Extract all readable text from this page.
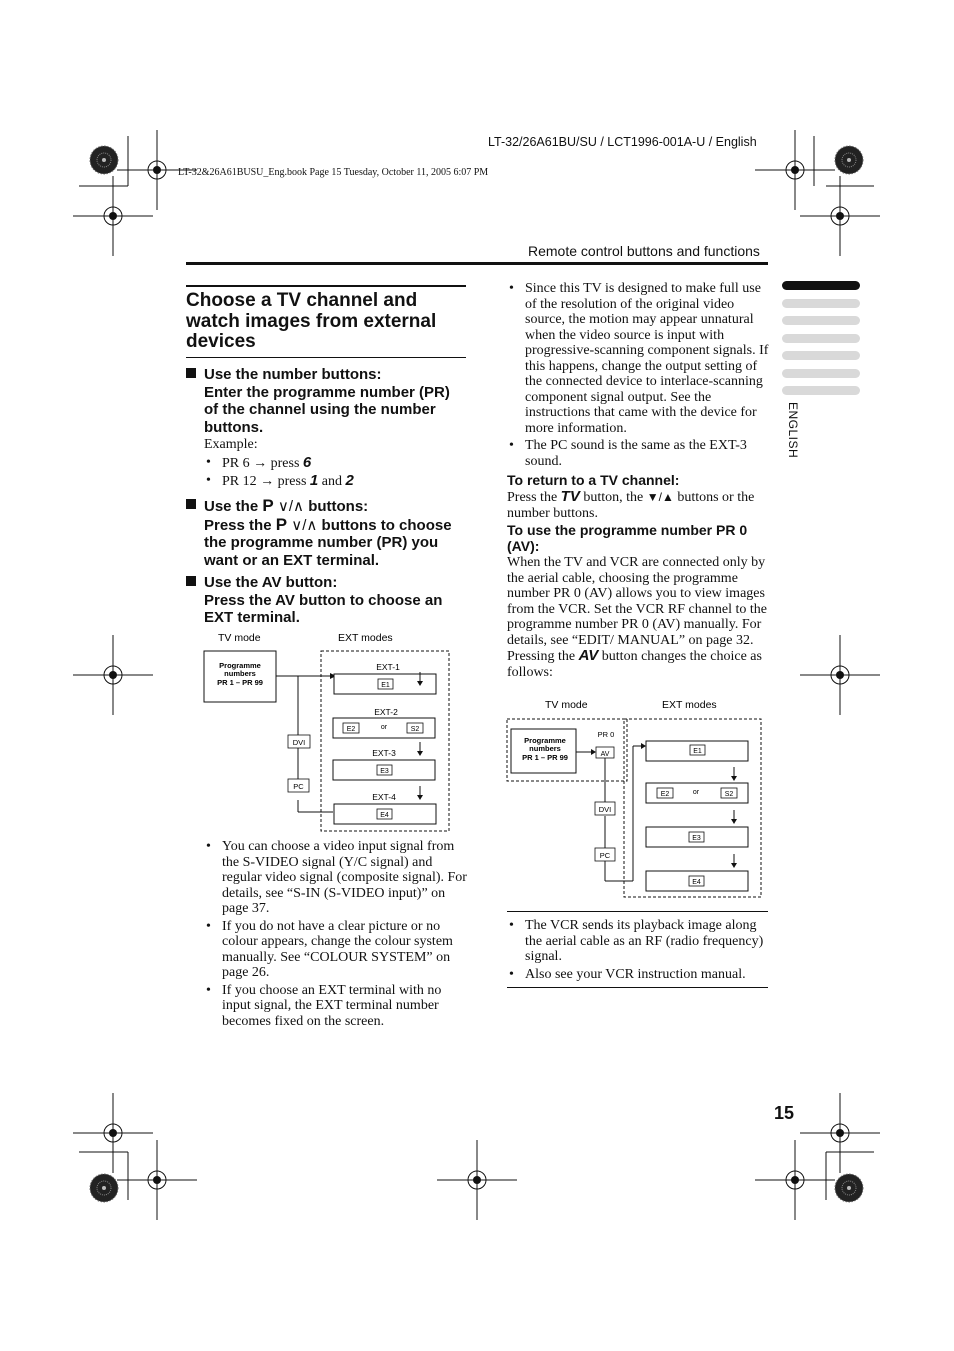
LT-32/26A61BU/SU / LCT1996-001A-U / English
LT-32&26A61BUSU_Eng.book Page 15 Tuesday, October 11, 2005 6:07 PM
Remote control buttons and functions
ENGLISH
Choose a TV channel and watch images from external devices
Use the number buttons:
Enter the programme number (PR) of the channel using the number buttons.
Example:
• PR 6 → press 6
• PR 12 → press 1 and 2
Use the P ∨/∧ buttons:
Press the P ∨/∧ buttons to choose the programme number (PR) you want or an EXT terminal.
Use the AV button:
Press the AV button to choose an EXT terminal.
TV mode	EXT modes
Programme
numbers
PR 1 – PR 99
DVI
PC
EXT-1
E1
EXT-2
E2	or	S2
EXT-3
E3
EXT-4
E4
• You can choose a video input signal from the S-VIDEO signal (Y/C signal) and regular video signal (composite signal). For details, see “S-IN (S-VIDEO input)” on page 37.
• If you do not have a clear picture or no colour appears, change the colour system manually. See “COLOUR SYSTEM” on page 26.
• If you choose an EXT terminal with no input signal, the EXT terminal number becomes fixed on the screen.
• Since this TV is designed to make full use of the resolution of the original video source, the motion may appear unnatural when the video source is input with progressive-scanning component signals. If this happens, change the output setting of the connected device to interlace-scanning component signal output. See the instructions that came with the device for more information.
• The PC sound is the same as the EXT-3 sound.
To return to a TV channel:
Press the TV button, the ▼/▲ buttons or the number buttons.
To use the programme number PR 0 (AV):
When the TV and VCR are connected only by the aerial cable, choosing the programme number PR 0 (AV) allows you to view images from the VCR. Set the VCR RF channel to the programme number PR 0 (AV) manually. For details, see “EDIT/ MANUAL” on page 32.
Pressing the AV button changes the choice as follows:
TV mode	EXT modes
Programme
numbers
PR 1 – PR 99
PR 0
AV
DVI
PC
E1
E2	or	S2
E3
E4
• The VCR sends its playback image along the aerial cable as an RF (radio frequency) signal.
• Also see your VCR instruction manual.
15
